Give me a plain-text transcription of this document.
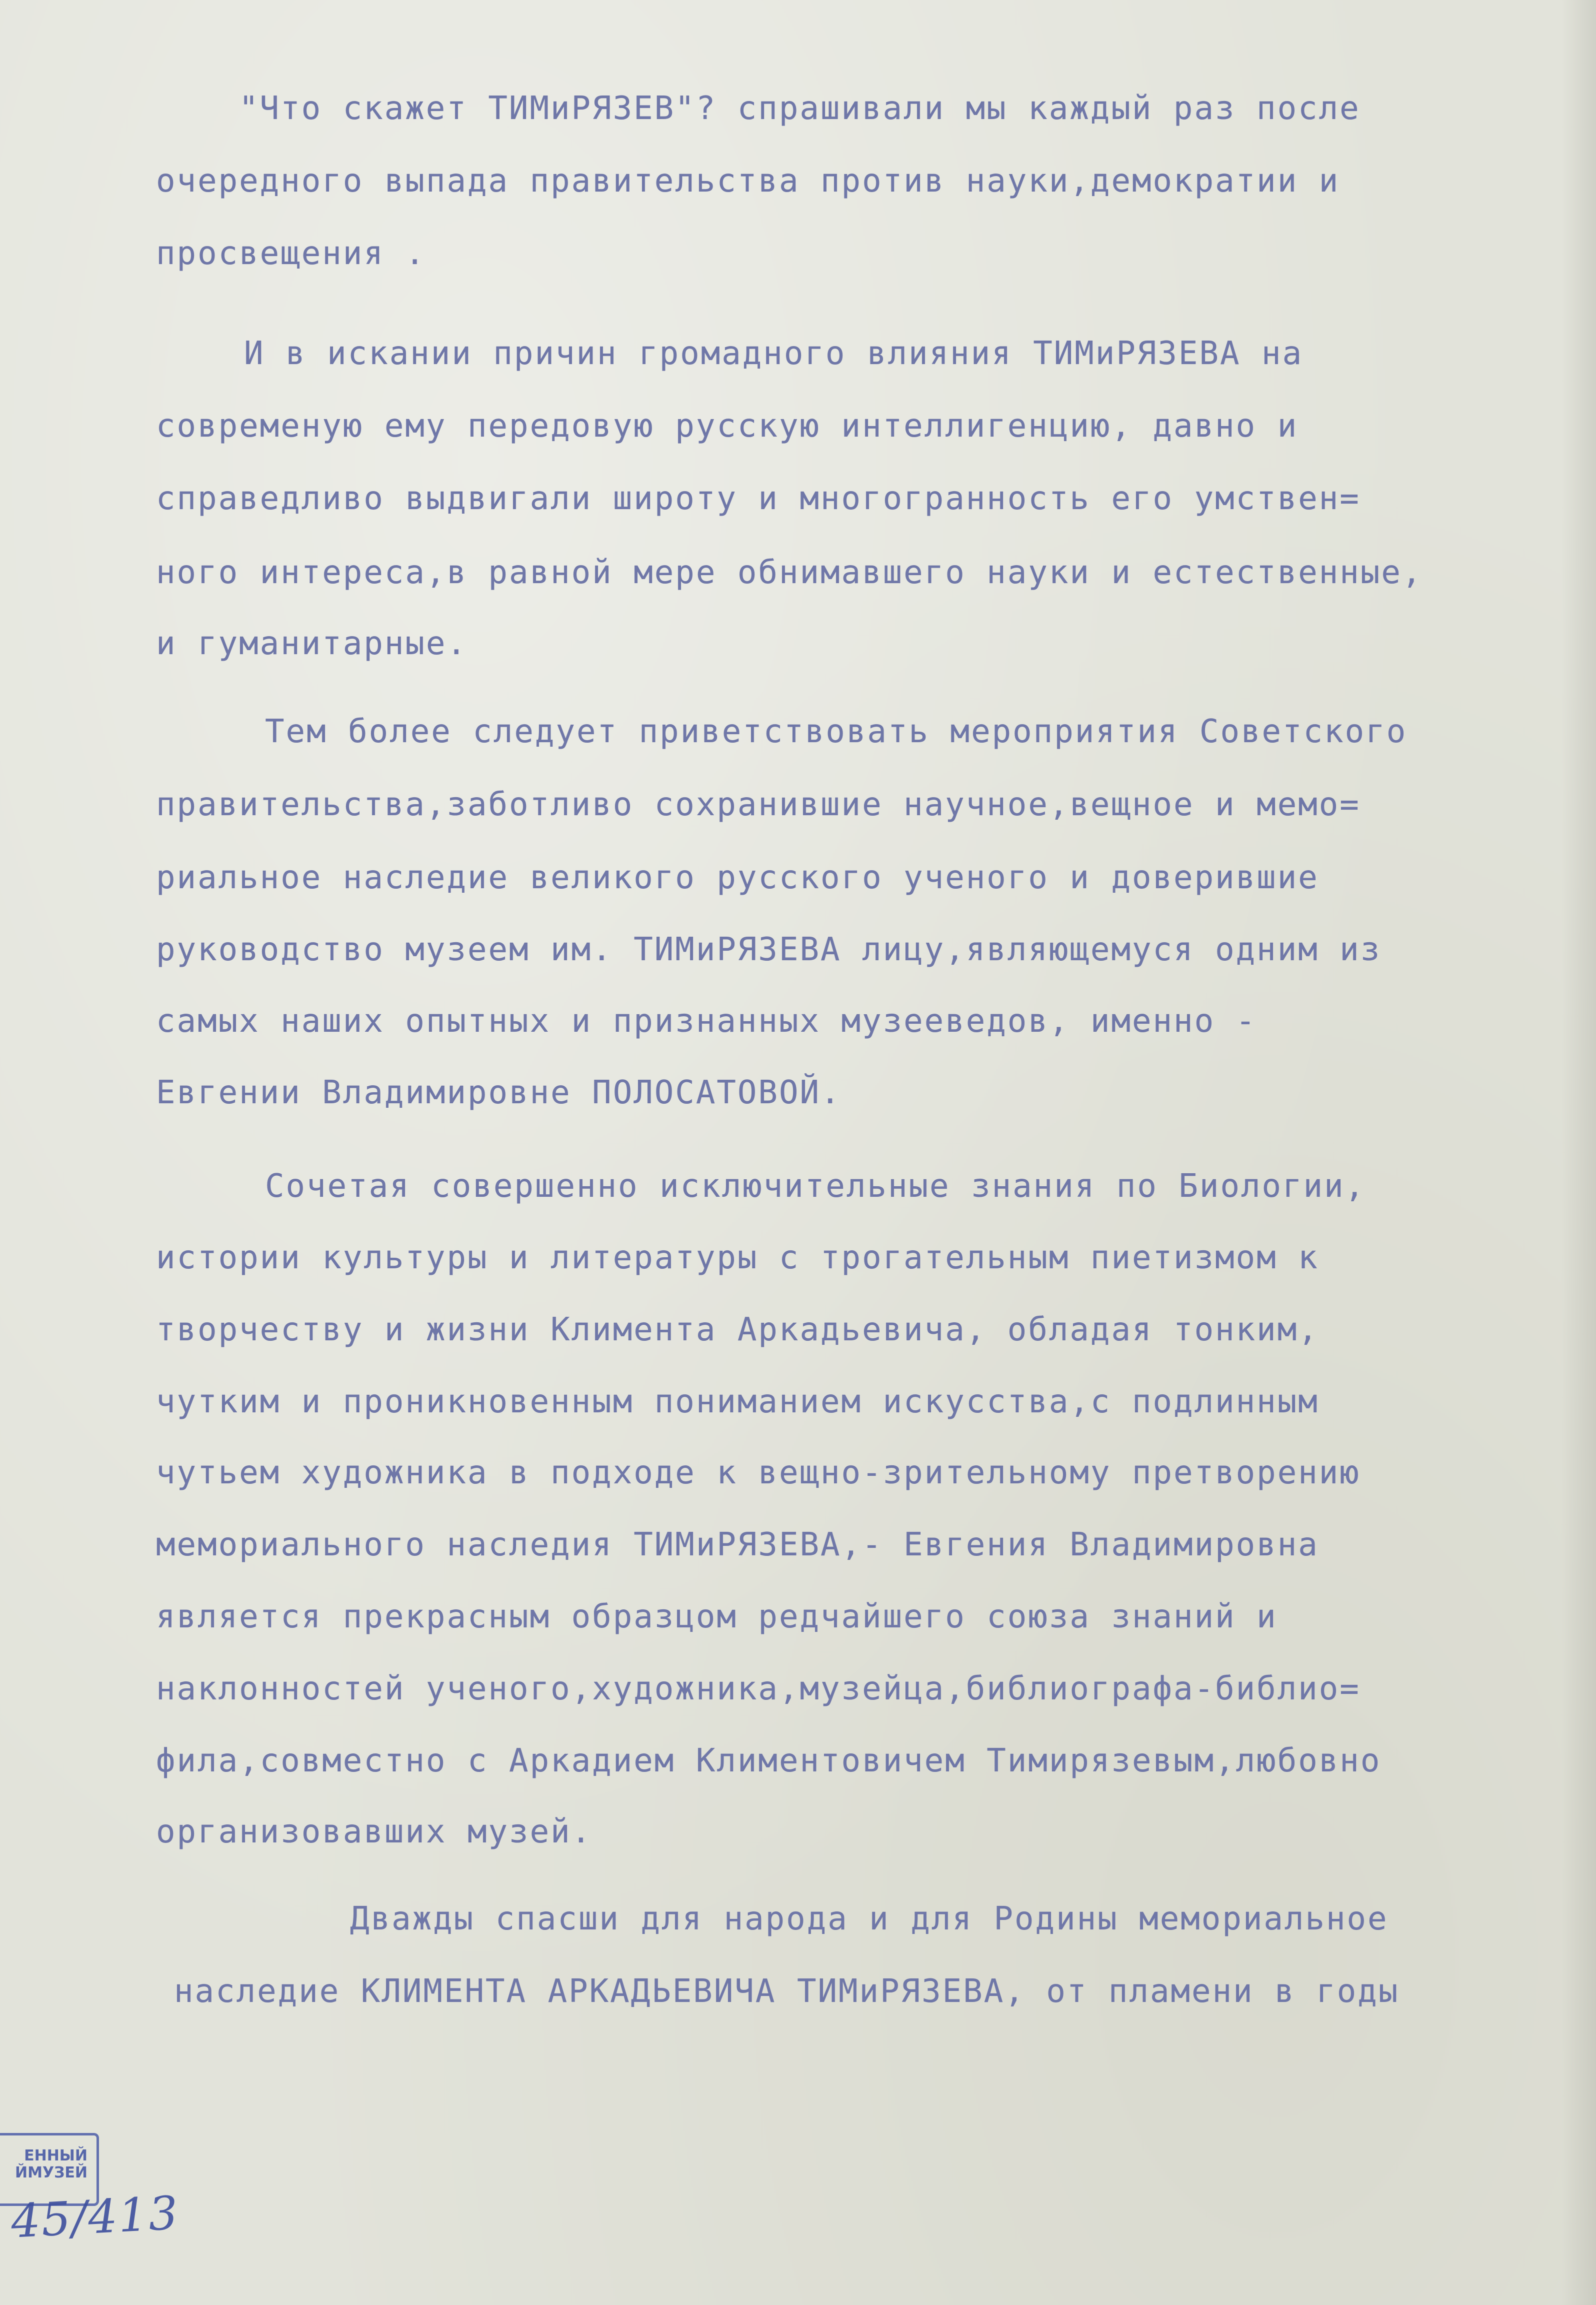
"Что скажет ТИМиРЯЗЕВ"? спрашивали мы каждый раз после
очередного выпада правительства против науки,демократии и
просвещения .
И в искании причин громадного влияния ТИМиРЯЗЕВА на
современую ему передовую русскую интеллигенцию, давно и
справедливо выдвигали широту и многогранность его умствен=
ного интереса,в равной мере обнимавшего науки и естественные,
и гуманитарные.
Тем более следует приветствовать мероприятия Советского
правительства,заботливо сохранившие научное,вещное и мемо=
риальное наследие великого русского ученого и доверившие
руководство музеем им. ТИМиРЯЗЕВА лицу,являющемуся одним из
самых наших опытных и признанных музееведов, именно -
Евгении Владимировне ПОЛОСАТОВОЙ.
Сочетая совершенно исключительные знания по Биологии,
истории культуры и литературы с трогательным пиетизмом к
творчеству и жизни Климента Аркадьевича, обладая тонким,
чутким и проникновенным пониманием искусства,с подлинным
чутьем художника в подходе к вещно-зрительному претворению
мемориального наследия ТИМиРЯЗЕВА,- Евгения Владимировна
является прекрасным образцом редчайшего союза знаний и
наклонностей ученого,художника,музейца,библиографа-библио=
фила,совместно с Аркадием Климентовичем Тимирязевым,любовно
организовавших музей.
Дважды спасши для народа и для Родины мемориальное
наследие КЛИМЕНТА АРКАДЬЕВИЧА ТИМиРЯЗЕВА, от пламени в годы
ЕННЫЙ
ЙМУЗЕЙ
45/413
